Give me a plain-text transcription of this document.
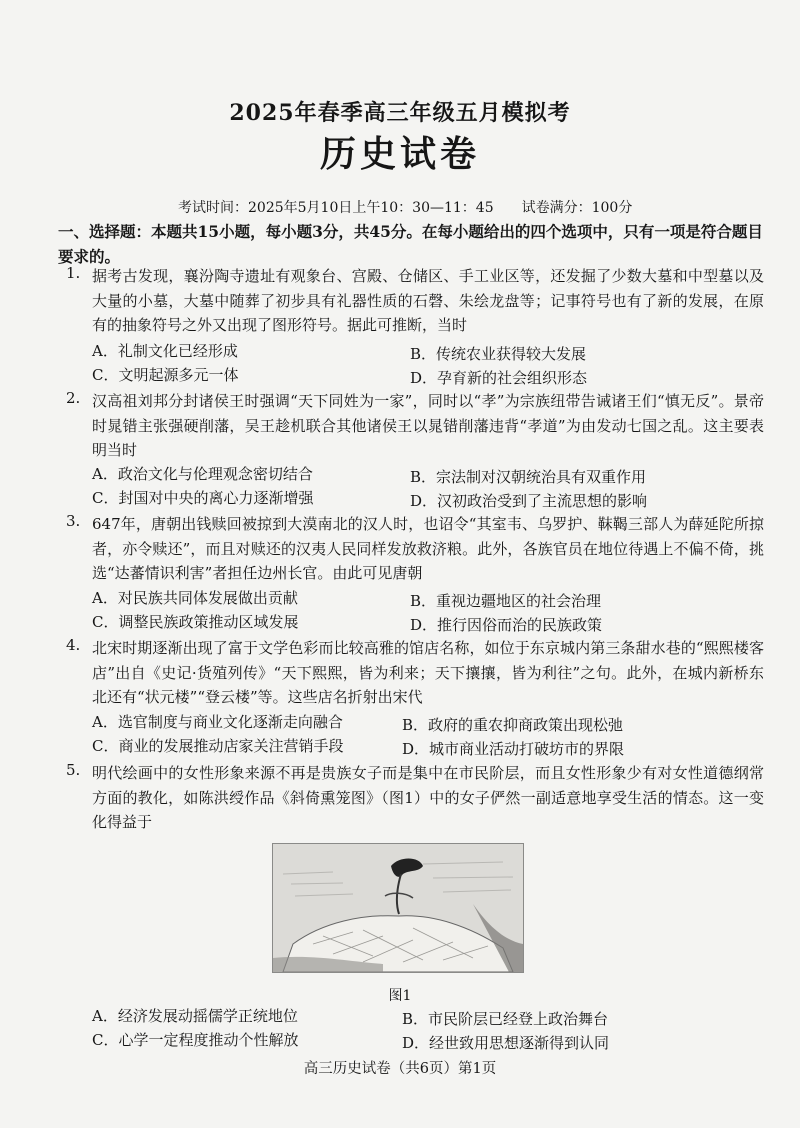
2025年春季高三年级五月模拟考
历史试卷
考试时间：2025年5月10日上午10：30—11：45 试卷满分：100分
一、选择题：本题共15小题，每小题3分，共45分。在每小题给出的四个选项中，只有一项是符合题目要求的。
1. 据考古发现，襄汾陶寺遗址有观象台、宫殿、仓储区、手工业区等，还发掘了少数大墓和中型墓以及大量的小墓，大墓中随葬了初步具有礼器性质的石磬、朱绘龙盘等；记事符号也有了新的发展，在原有的抽象符号之外又出现了图形符号。据此可推断，当时
A．礼制文化已经形成	B．传统农业获得较大发展
C．文明起源多元一体	D．孕育新的社会组织形态
2. 汉高祖刘邦分封诸侯王时强调“天下同姓为一家”，同时以“孝”为宗族纽带告诫诸王们“慎无反”。景帝时晁错主张强硬削藩，吴王趁机联合其他诸侯王以晁错削藩违背“孝道”为由发动七国之乱。这主要表明当时
A．政治文化与伦理观念密切结合	B．宗法制对汉朝统治具有双重作用
C．封国对中央的离心力逐渐增强	D．汉初政治受到了主流思想的影响
3. 647年，唐朝出钱赎回被掠到大漠南北的汉人时，也诏令“其室韦、乌罗护、靺鞨三部人为薛延陀所掠者，亦令赎还”，而且对赎还的汉夷人民同样发放救济粮。此外，各族官员在地位待遇上不偏不倚，挑选“达蕃情识利害”者担任边州长官。由此可见唐朝
A．对民族共同体发展做出贡献	B．重视边疆地区的社会治理
C．调整民族政策推动区域发展	D．推行因俗而治的民族政策
4. 北宋时期逐渐出现了富于文学色彩而比较高雅的馆店名称，如位于东京城内第三条甜水巷的“熙熙楼客店”出自《史记·货殖列传》“天下熙熙，皆为利来；天下攘攘，皆为利往”之句。此外，在城内新桥东北还有“状元楼”“登云楼”等。这些店名折射出宋代
A．选官制度与商业文化逐渐走向融合	B．政府的重农抑商政策出现松弛
C．商业的发展推动店家关注营销手段	D．城市商业活动打破坊市的界限
5. 明代绘画中的女性形象来源不再是贵族女子而是集中在市民阶层，而且女性形象少有对女性道德纲常方面的教化，如陈洪绶作品《斜倚熏笼图》（图1）中的女子俨然一副适意地享受生活的情态。这一变化得益于
图1
A．经济发展动摇儒学正统地位	B．市民阶层已经登上政治舞台
C．心学一定程度推动个性解放	D．经世致用思想逐渐得到认同
高三历史试卷（共6页）第1页
